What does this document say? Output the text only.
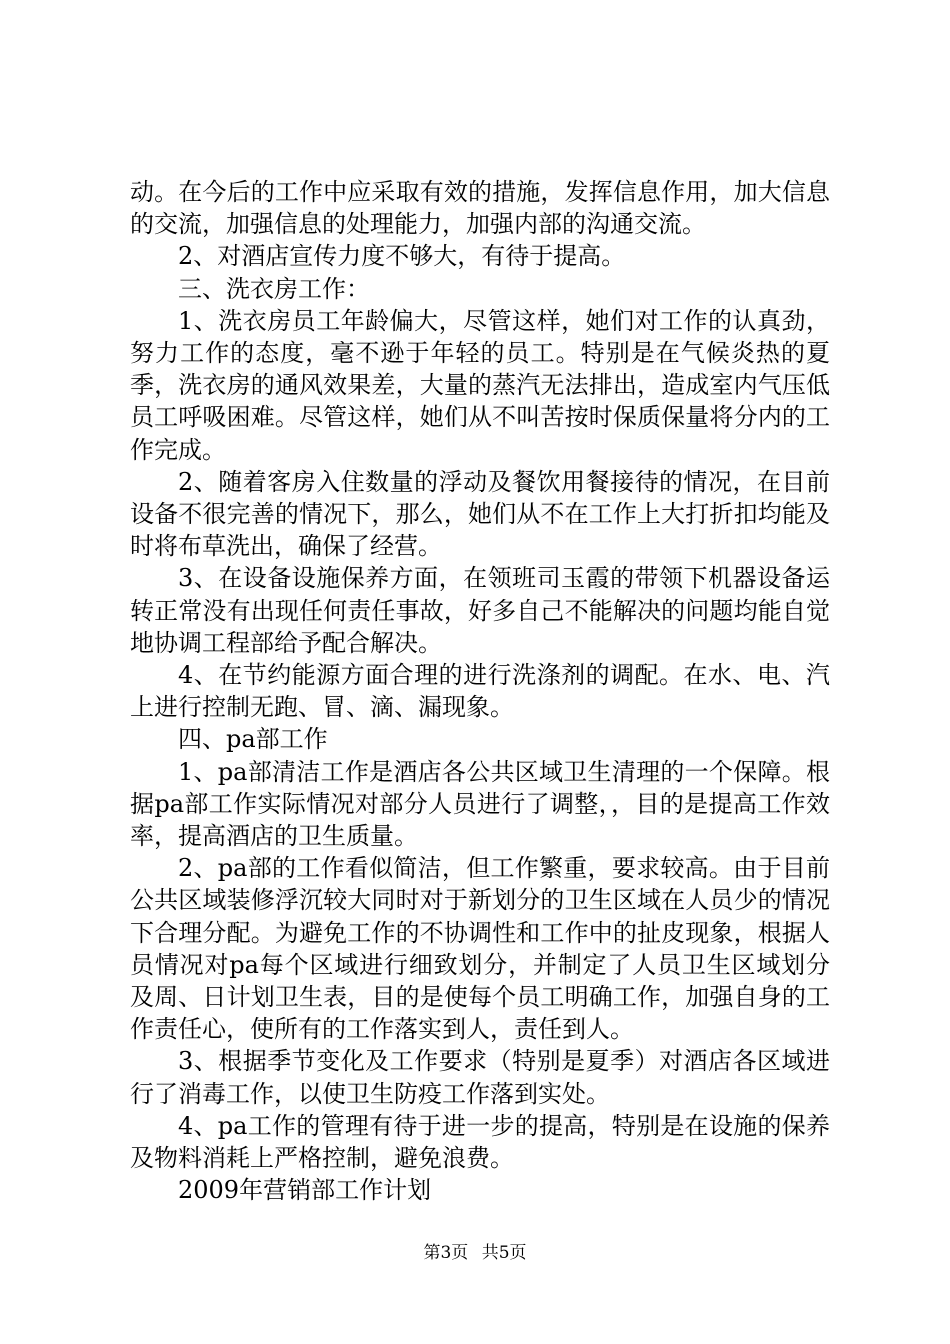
动。在今后的工作中应采取有效的措施，发挥信息作用，加大信息的交流，加强信息的处理能力，加强内部的沟通交流。

2、对酒店宣传力度不够大，有待于提高。

三、洗衣房工作：

1、洗衣房员工年龄偏大，尽管这样，她们对工作的认真劲，努力工作的态度，毫不逊于年轻的员工。特别是在气候炎热的夏季，洗衣房的通风效果差，大量的蒸汽无法排出，造成室内气压低员工呼吸困难。尽管这样，她们从不叫苦按时保质保量将分内的工作完成。

2、随着客房入住数量的浮动及餐饮用餐接待的情况，在目前设备不很完善的情况下，那么，她们从不在工作上大打折扣均能及时将布草洗出，确保了经营。

3、在设备设施保养方面，在领班司玉霞的带领下机器设备运转正常没有出现任何责任事故，好多自己不能解决的问题均能自觉地协调工程部给予配合解决。

4、在节约能源方面合理的进行洗涤剂的调配。在水、电、汽上进行控制无跑、冒、滴、漏现象。

四、pa部工作

1、pa部清洁工作是酒店各公共区域卫生清理的一个保障。根据pa部工作实际情况对部分人员进行了调整，，目的是提高工作效率，提高酒店的卫生质量。

2、pa部的工作看似简洁，但工作繁重，要求较高。由于目前公共区域装修浮沉较大同时对于新划分的卫生区域在人员少的情况下合理分配。为避免工作的不协调性和工作中的扯皮现象，根据人员情况对pa每个区域进行细致划分，并制定了人员卫生区域划分及周、日计划卫生表，目的是使每个员工明确工作，加强自身的工作责任心，使所有的工作落实到人，责任到人。

3、根据季节变化及工作要求（特别是夏季）对酒店各区域进行了消毒工作，以使卫生防疫工作落到实处。

4、pa工作的管理有待于进一步的提高，特别是在设施的保养及物料消耗上严格控制，避免浪费。

2009年营销部工作计划

第3页 共5页
